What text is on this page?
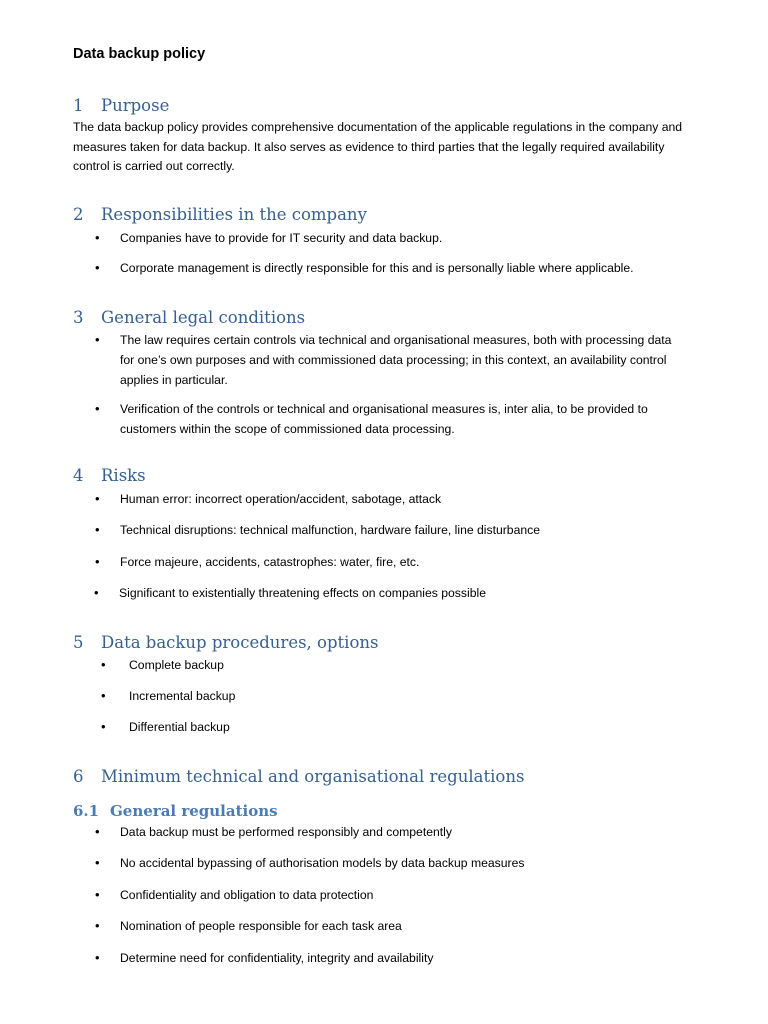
Data backup policy
1 Purpose
The data backup policy provides comprehensive documentation of the applicable regulations in the company and measures taken for data backup. It also serves as evidence to third parties that the legally required availability control is carried out correctly.
2 Responsibilities in the company
• Companies have to provide for IT security and data backup.
• Corporate management is directly responsible for this and is personally liable where applicable.
3 General legal conditions
• The law requires certain controls via technical and organisational measures, both with processing data for one’s own purposes and with commissioned data processing; in this context, an availability control applies in particular.
• Verification of the controls or technical and organisational measures is, inter alia, to be provided to customers within the scope of commissioned data processing.
4 Risks
• Human error: incorrect operation/accident, sabotage, attack
• Technical disruptions: technical malfunction, hardware failure, line disturbance
• Force majeure, accidents, catastrophes: water, fire, etc.
• Significant to existentially threatening effects on companies possible
5 Data backup procedures, options
• Complete backup
• Incremental backup
• Differential backup
6 Minimum technical and organisational regulations
6.1 General regulations
• Data backup must be performed responsibly and competently
• No accidental bypassing of authorisation models by data backup measures
• Confidentiality and obligation to data protection
• Nomination of people responsible for each task area
• Determine need for confidentiality, integrity and availability
